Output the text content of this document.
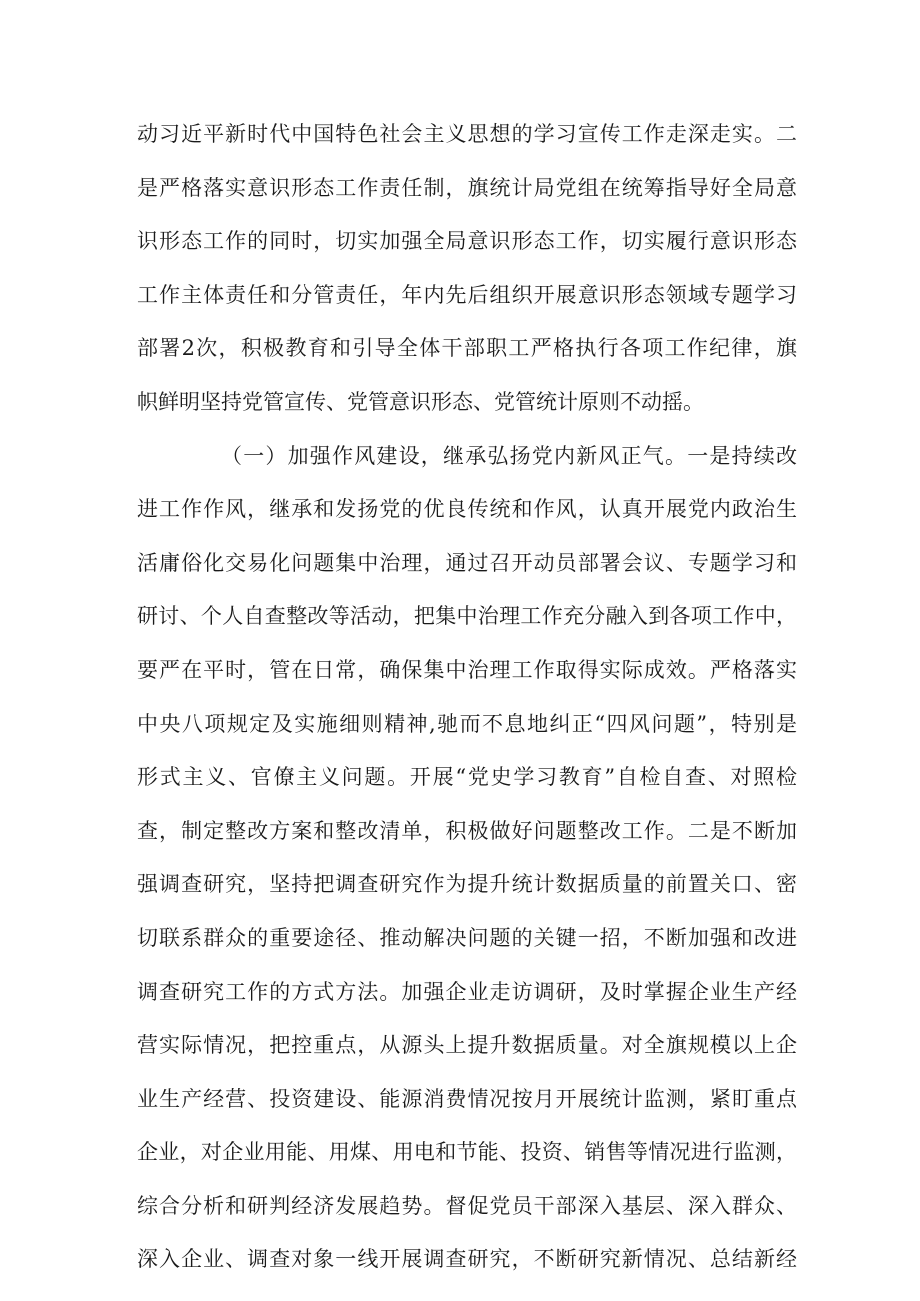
动习近平新时代中国特色社会主义思想的学习宣传工作走深走实。二
是严格落实意识形态工作责任制，旗统计局党组在统筹指导好全局意
识形态工作的同时，切实加强全局意识形态工作，切实履行意识形态
工作主体责任和分管责任，年内先后组织开展意识形态领域专题学习
部署2次，积极教育和引导全体干部职工严格执行各项工作纪律，旗
帜鲜明坚持党管宣传、党管意识形态、党管统计原则不动摇。
（一）加强作风建设，继承弘扬党内新风正气。一是持续改
进工作作风，继承和发扬党的优良传统和作风，认真开展党内政治生
活庸俗化交易化问题集中治理，通过召开动员部署会议、专题学习和
研讨、个人自查整改等活动，把集中治理工作充分融入到各项工作中，
要严在平时，管在日常，确保集中治理工作取得实际成效。严格落实
中央八项规定及实施细则精神,驰而不息地纠正“四风问题”，特别是
形式主义、官僚主义问题。开展“党史学习教育”自检自查、对照检
查，制定整改方案和整改清单，积极做好问题整改工作。二是不断加
强调查研究，坚持把调查研究作为提升统计数据质量的前置关口、密
切联系群众的重要途径、推动解决问题的关键一招，不断加强和改进
调查研究工作的方式方法。加强企业走访调研，及时掌握企业生产经
营实际情况，把控重点，从源头上提升数据质量。对全旗规模以上企
业生产经营、投资建设、能源消费情况按月开展统计监测，紧盯重点
企业，对企业用能、用煤、用电和节能、投资、销售等情况进行监测，
综合分析和研判经济发展趋势。督促党员干部深入基层、深入群众、
深入企业、调查对象一线开展调查研究，不断研究新情况、总结新经
